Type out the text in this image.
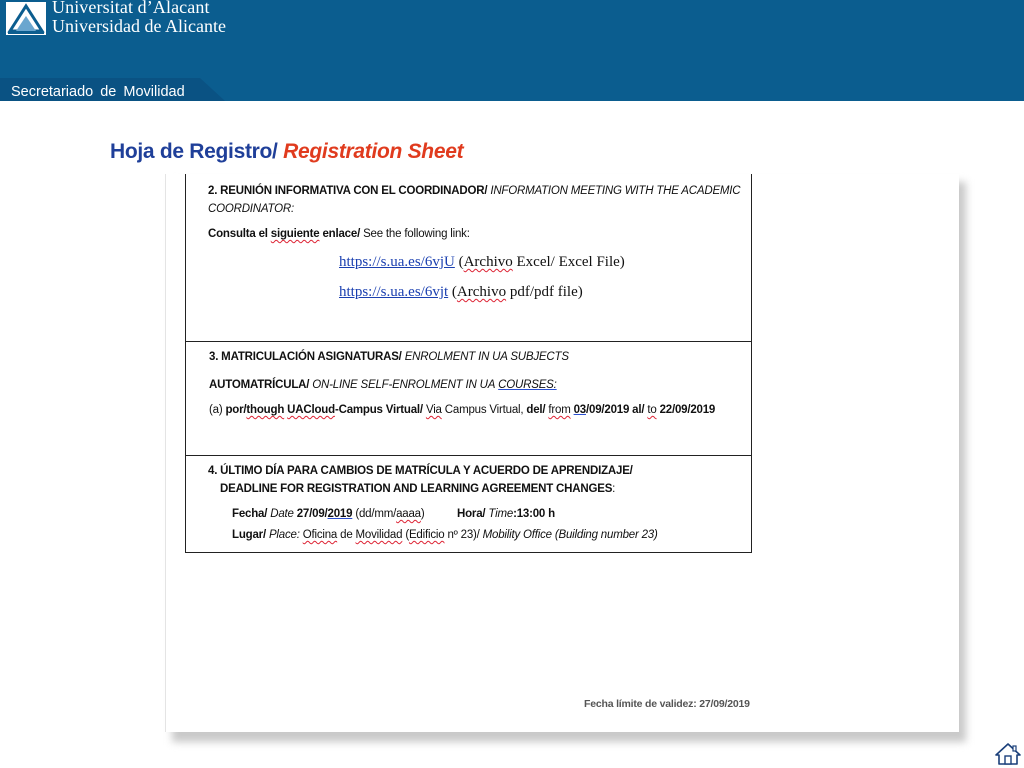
Universitat d’Alacant
Universidad de Alicante
Secretariado de Movilidad
Hoja de Registro/ Registration Sheet
2. REUNIÓN INFORMATIVA CON EL COORDINADOR/ INFORMATION MEETING WITH THE ACADEMIC
COORDINATOR:
Consulta el siguiente enlace/ See the following link:
https://s.ua.es/6vjU (Archivo Excel/ Excel File)
https://s.ua.es/6vjt (Archivo pdf/pdf file)
3. MATRICULACIÓN ASIGNATURAS/ ENROLMENT IN UA SUBJECTS
AUTOMATRÍCULA/ ON-LINE SELF-ENROLMENT IN UA COURSES:
(a) por/though UACloud-Campus Virtual/ Via Campus Virtual, del/ from 03/09/2019 al/ to 22/09/2019
4. ÚLTIMO DÍA PARA CAMBIOS DE MATRÍCULA Y ACUERDO DE APRENDIZAJE/
DEADLINE FOR REGISTRATION AND LEARNING AGREEMENT CHANGES:
Fecha/ Date 27/09/2019 (dd/mm/aaaa)	Hora/ Time:13:00 h
Lugar/ Place: Oficina de Movilidad (Edificio nº 23)/ Mobility Office (Building number 23)
Fecha límite de validez: 27/09/2019
